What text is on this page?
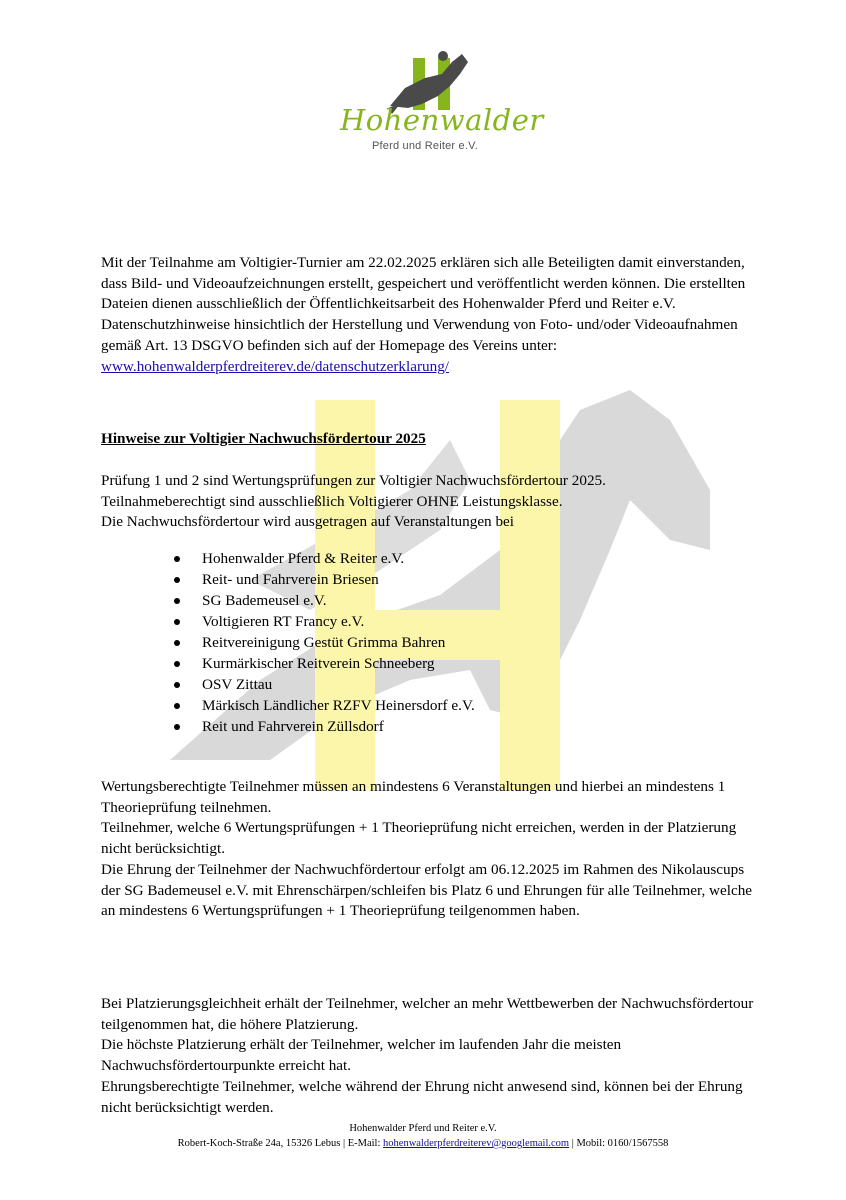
Hohenwalder
Pferd und Reiter e.V.

Mit der Teilnahme am Voltigier-Turnier am 22.02.2025 erklären sich alle Beteiligten damit einverstanden, dass Bild- und Videoaufzeichnungen erstellt, gespeichert und veröffentlicht werden können. Die erstellten Dateien dienen ausschließlich der Öffentlichkeitsarbeit des Hohenwalder Pferd und Reiter e.V.
Datenschutzhinweise hinsichtlich der Herstellung und Verwendung von Foto- und/oder Videoaufnahmen gemäß Art. 13 DSGVO befinden sich auf der Homepage des Vereins unter:
www.hohenwalderpferdreiterev.de/datenschutzerklarung/

Hinweise zur Voltigier Nachwuchsfördertour 2025

Prüfung 1 und 2 sind Wertungsprüfungen zur Voltigier Nachwuchsfördertour 2025.
Teilnahmeberechtigt sind ausschließlich Voltigierer OHNE Leistungsklasse.
Die Nachwuchsfördertour wird ausgetragen auf Veranstaltungen bei

Hohenwalder Pferd & Reiter e.V.
Reit- und Fahrverein Briesen
SG Bademeusel e.V.
Voltigieren RT Francy e.V.
Reitvereinigung Gestüt Grimma Bahren
Kurmärkischer Reitverein Schneeberg
OSV Zittau
Märkisch Ländlicher RZFV Heinersdorf e.V.
Reit und Fahrverein Züllsdorf

Wertungsberechtigte Teilnehmer müssen an mindestens 6 Veranstaltungen und hierbei an mindestens 1 Theorieprüfung teilnehmen.
Teilnehmer, welche 6 Wertungsprüfungen + 1 Theorieprüfung nicht erreichen, werden in der Platzierung nicht berücksichtigt.
Die Ehrung der Teilnehmer der Nachwuchfördertour erfolgt am 06.12.2025 im Rahmen des Nikolauscups der SG Bademeusel e.V. mit Ehrenschärpen/schleifen bis Platz 6 und Ehrungen für alle Teilnehmer, welche an mindestens 6 Wertungsprüfungen + 1 Theorieprüfung teilgenommen haben.

Bei Platzierungsgleichheit erhält der Teilnehmer, welcher an mehr Wettbewerben der Nachwuchsfördertour teilgenommen hat, die höhere Platzierung.
Die höchste Platzierung erhält der Teilnehmer, welcher im laufenden Jahr die meisten Nachwuchsfördertourpunkte erreicht hat.
Ehrungsberechtigte Teilnehmer, welche während der Ehrung nicht anwesend sind, können bei der Ehrung nicht berücksichtigt werden.

Hohenwalder Pferd und Reiter e.V.
Robert-Koch-Straße 24a, 15326 Lebus | E-Mail: hohenwalderpferdreiterev@googlemail.com | Mobil: 0160/1567558
